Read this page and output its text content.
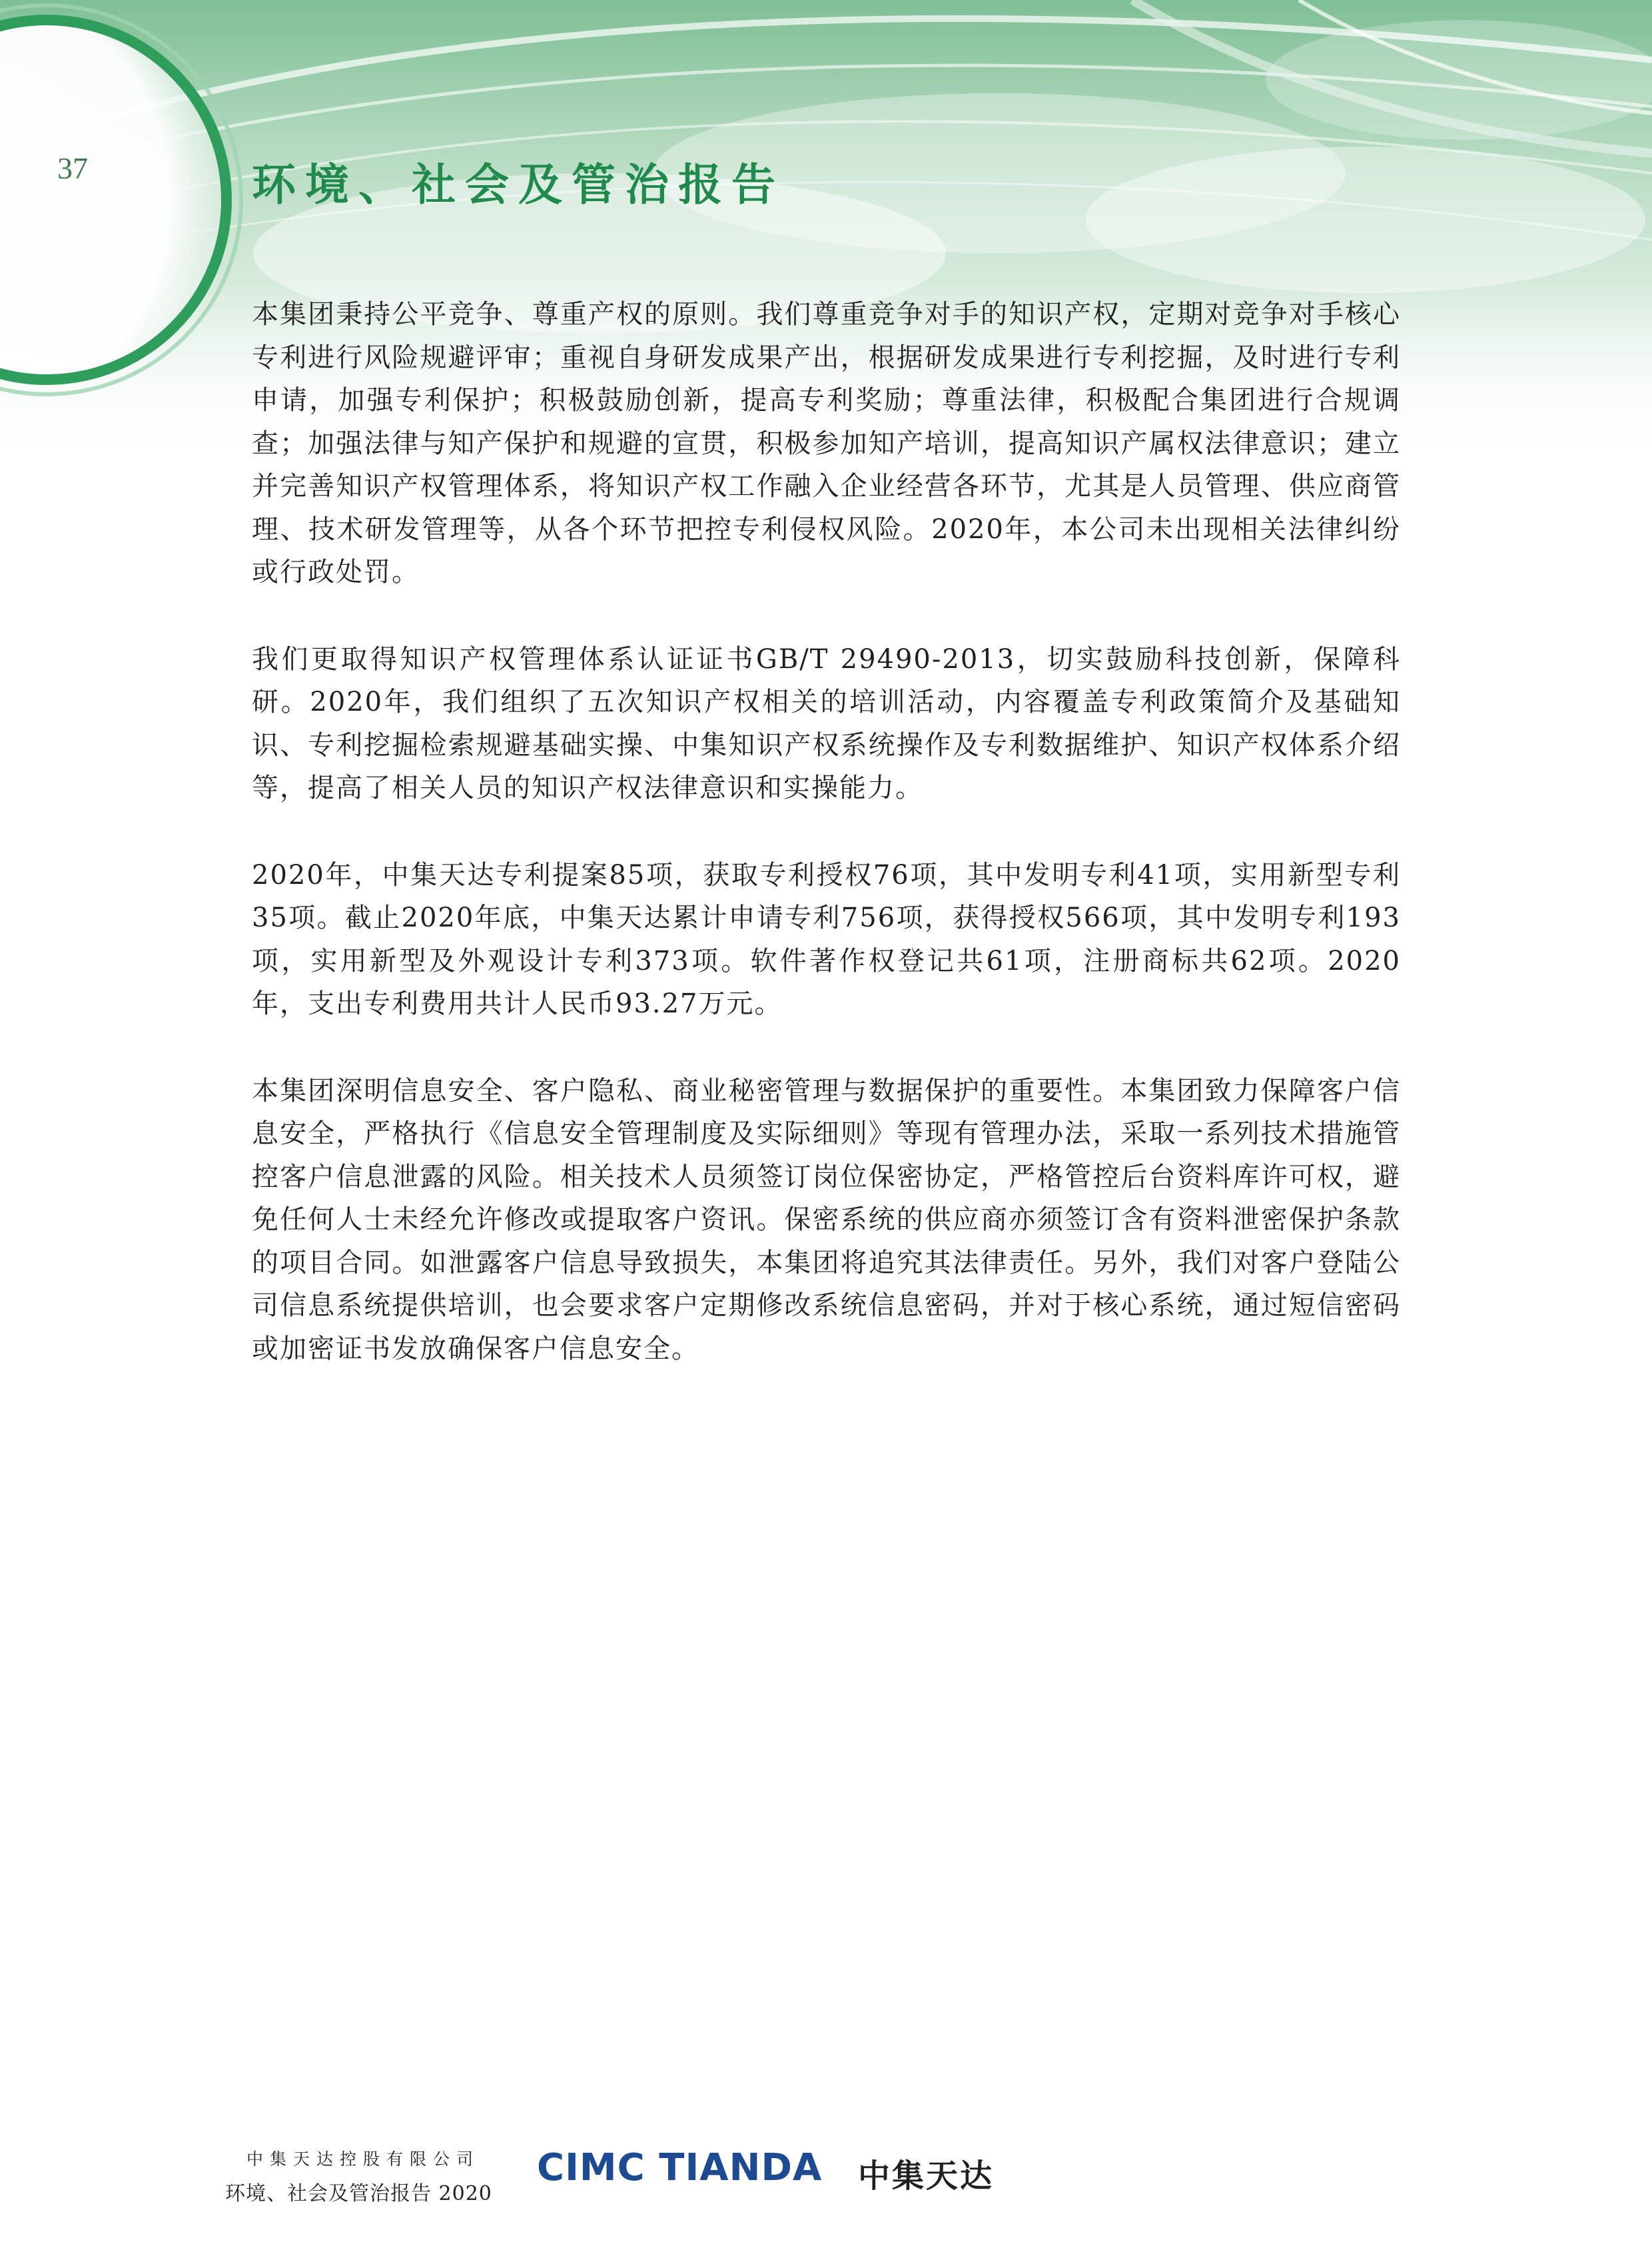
37	环境、社会及管治报告

本集团秉持公平竞争、尊重产权的原则。我们尊重竞争对手的知识产权，定期对竞争对手核心专利进行风险规避评审；重视自身研发成果产出，根据研发成果进行专利挖掘，及时进行专利申请，加强专利保护；积极鼓励创新，提高专利奖励；尊重法律，积极配合集团进行合规调查；加强法律与知产保护和规避的宣贯，积极参加知产培训，提高知识产属权法律意识；建立并完善知识产权管理体系，将知识产权工作融入企业经营各环节，尤其是人员管理、供应商管理、技术研发管理等，从各个环节把控专利侵权风险。2020年，本公司未出现相关法律纠纷或行政处罚。

我们更取得知识产权管理体系认证证书GB/T 29490-2013，切实鼓励科技创新，保障科研。2020年，我们组织了五次知识产权相关的培训活动，内容覆盖专利政策简介及基础知识、专利挖掘检索规避基础实操、中集知识产权系统操作及专利数据维护、知识产权体系介绍等，提高了相关人员的知识产权法律意识和实操能力。

2020年，中集天达专利提案85项，获取专利授权76项，其中发明专利41项，实用新型专利35项。截止2020年底，中集天达累计申请专利756项，获得授权566项，其中发明专利193项，实用新型及外观设计专利373项。软件著作权登记共61项，注册商标共62项。2020年，支出专利费用共计人民币93.27万元。

本集团深明信息安全、客户隐私、商业秘密管理与数据保护的重要性。本集团致力保障客户信息安全，严格执行《信息安全管理制度及实际细则》等现有管理办法，采取一系列技术措施管控客户信息泄露的风险。相关技术人员须签订岗位保密协定，严格管控后台资料库许可权，避免任何人士未经允许修改或提取客户资讯。保密系统的供应商亦须签订含有资料泄密保护条款的项目合同。如泄露客户信息导致损失，本集团将追究其法律责任。另外，我们对客户登陆公司信息系统提供培训，也会要求客户定期修改系统信息密码，并对于核心系统，通过短信密码或加密证书发放确保客户信息安全。

中集天达控股有限公司
环境、社会及管治报告 2020
CIMC TIANDA 中集天达
